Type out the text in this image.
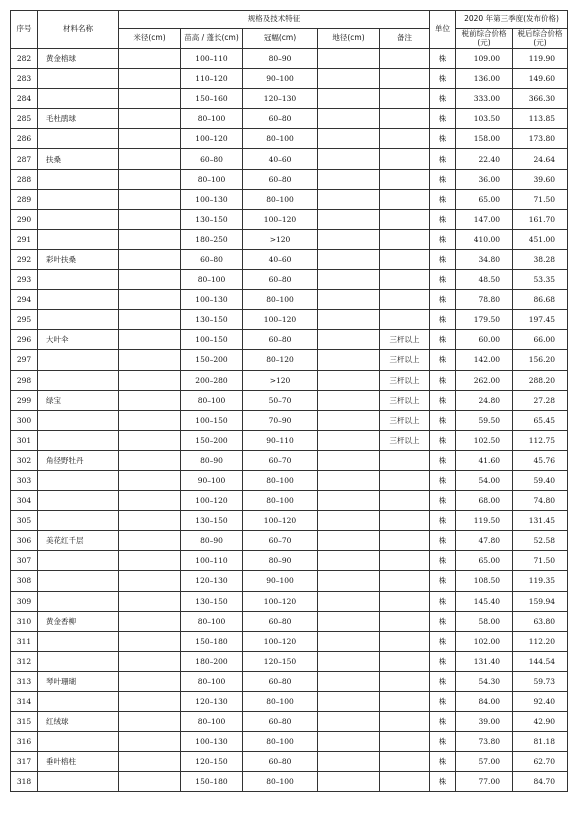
序号	材料名称	规格及技术特征					单位	2020 年第三季度(发布价格)	
		米径(cm)	苗高 / 蓬长(cm)	冠幅(cm)	地径(cm)	备注		税前综合价格(元)	税后综合价格(元)
282	黄金榕球		100–110	80–90			株	109.00	119.90
283			110–120	90–100			株	136.00	149.60
284			150–160	120–130			株	333.00	366.30
285	毛杜鹃球		80–100	60–80			株	103.50	113.85
286			100–120	80–100			株	158.00	173.80
287	扶桑		60–80	40–60			株	22.40	24.64
288			80–100	60–80			株	36.00	39.60
289			100–130	80–100			株	65.00	71.50
290			130–150	100–120			株	147.00	161.70
291			180–250	>120			株	410.00	451.00
292	彩叶扶桑		60–80	40–60			株	34.80	38.28
293			80–100	60–80			株	48.50	53.35
294			100–130	80–100			株	78.80	86.68
295			130–150	100–120			株	179.50	197.45
296	大叶伞		100–150	60–80		三杆以上	株	60.00	66.00
297			150–200	80–120		三杆以上	株	142.00	156.20
298			200–280	>120		三杆以上	株	262.00	288.20
299	绿宝		80–100	50–70		三杆以上	株	24.80	27.28
300			100–150	70–90		三杆以上	株	59.50	65.45
301			150–200	90–110		三杆以上	株	102.50	112.75
302	角径野牡丹		80–90	60–70			株	41.60	45.76
303			90–100	80–100			株	54.00	59.40
304			100–120	80–100			株	68.00	74.80
305			130–150	100–120			株	119.50	131.45
306	美花红千层		80–90	60–70			株	47.80	52.58
307			100–110	80–90			株	65.00	71.50
308			120–130	90–100			株	108.50	119.35
309			130–150	100–120			株	145.40	159.94
310	黄金香柳		80–100	60–80			株	58.00	63.80
311			150–180	100–120			株	102.00	112.20
312			180–200	120–150			株	131.40	144.54
313	琴叶珊瑚		80–100	60–80			株	54.30	59.73
314			120–130	80–100			株	84.00	92.40
315	红绒球		80–100	60–80			株	39.00	42.90
316			100–130	80–100			株	73.80	81.18
317	垂叶榕柱		120–150	60–80			株	57.00	62.70
318			150–180	80–100			株	77.00	84.70
